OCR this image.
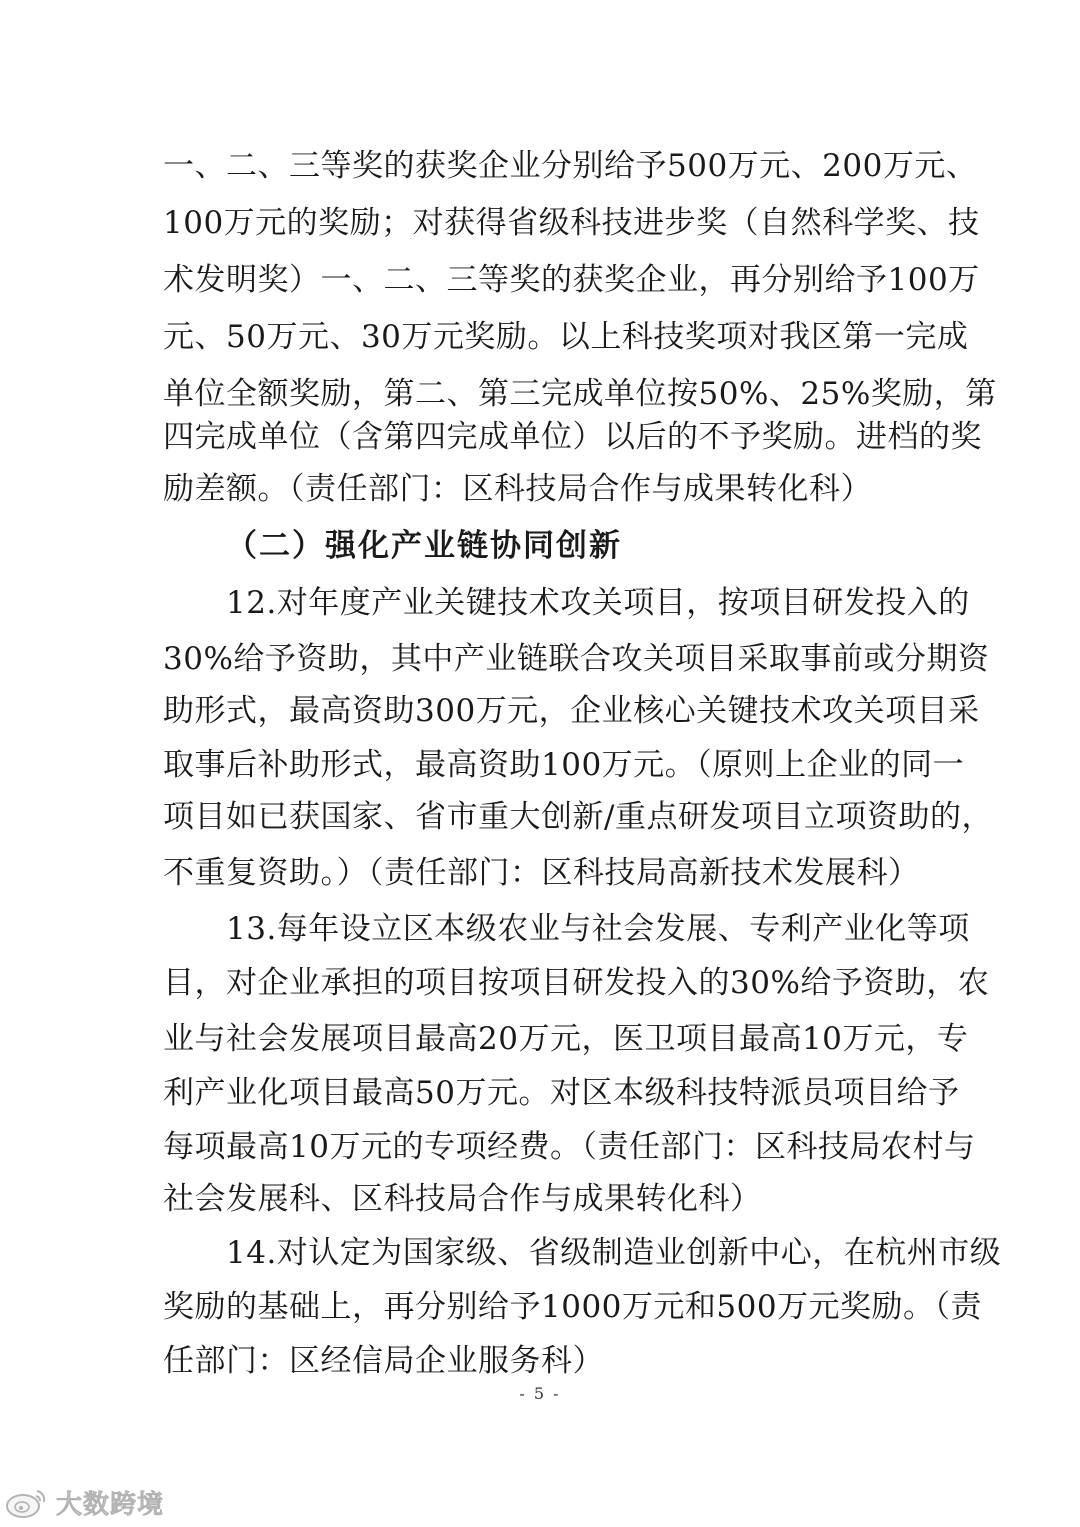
一、二、三等奖的获奖企业分别给予500万元、200万元、
100万元的奖励；对获得省级科技进步奖（自然科学奖、技
术发明奖）一、二、三等奖的获奖企业，再分别给予100万
元、50万元、30万元奖励。以上科技奖项对我区第一完成
单位全额奖励，第二、第三完成单位按50%、25%奖励，第
四完成单位（含第四完成单位）以后的不予奖励。进档的奖
励差额。（责任部门：区科技局合作与成果转化科）
（二）强化产业链协同创新
12.对年度产业关键技术攻关项目，按项目研发投入的
30%给予资助，其中产业链联合攻关项目采取事前或分期资
助形式，最高资助300万元，企业核心关键技术攻关项目采
取事后补助形式，最高资助100万元。（原则上企业的同一
项目如已获国家、省市重大创新/重点研发项目立项资助的，
不重复资助。）（责任部门：区科技局高新技术发展科）
13.每年设立区本级农业与社会发展、专利产业化等项
目，对企业承担的项目按项目研发投入的30%给予资助，农
业与社会发展项目最高20万元，医卫项目最高10万元，专
利产业化项目最高50万元。对区本级科技特派员项目给予
每项最高10万元的专项经费。（责任部门：区科技局农村与
社会发展科、区科技局合作与成果转化科）
14.对认定为国家级、省级制造业创新中心，在杭州市级
奖励的基础上，再分别给予1000万元和500万元奖励。（责
任部门：区经信局企业服务科）
- 5 -
大数跨境
